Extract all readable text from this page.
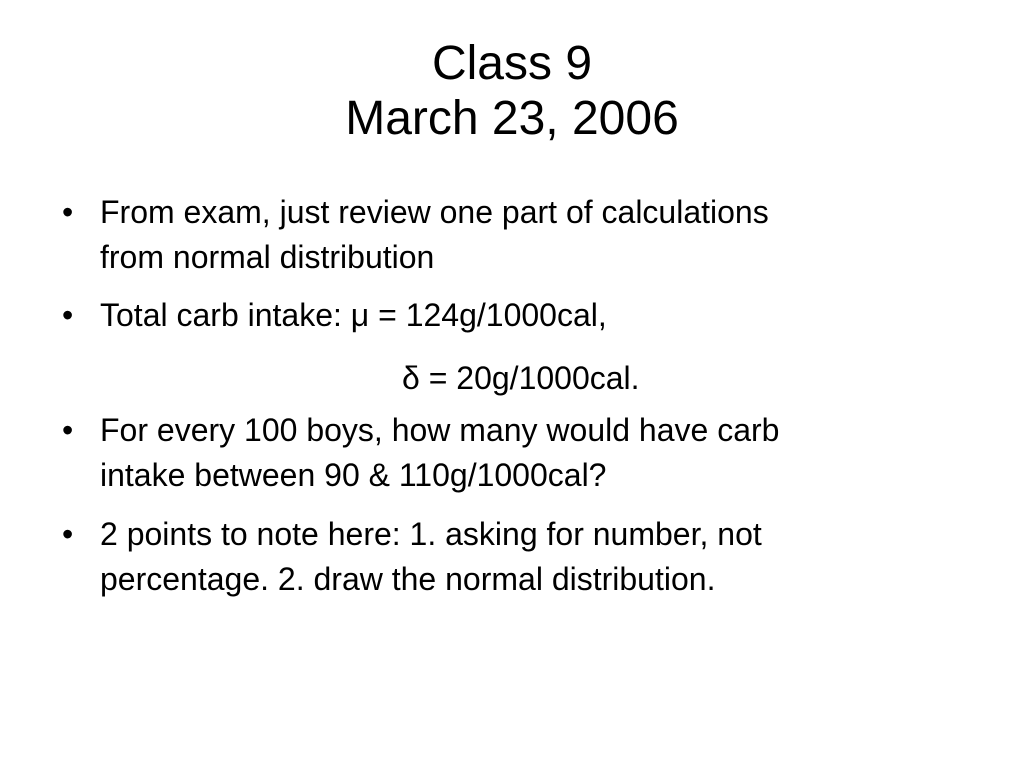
Class 9
March 23, 2006
• From exam, just review one part of calculations
from normal distribution
• Total carb intake: μ = 124g/1000cal,
• For every 100 boys, how many would have carb
intake between 90 & 110g/1000cal?
• 2 points to note here: 1. asking for number, not
percentage. 2. draw the normal distribution.
δ = 20g/1000cal.
